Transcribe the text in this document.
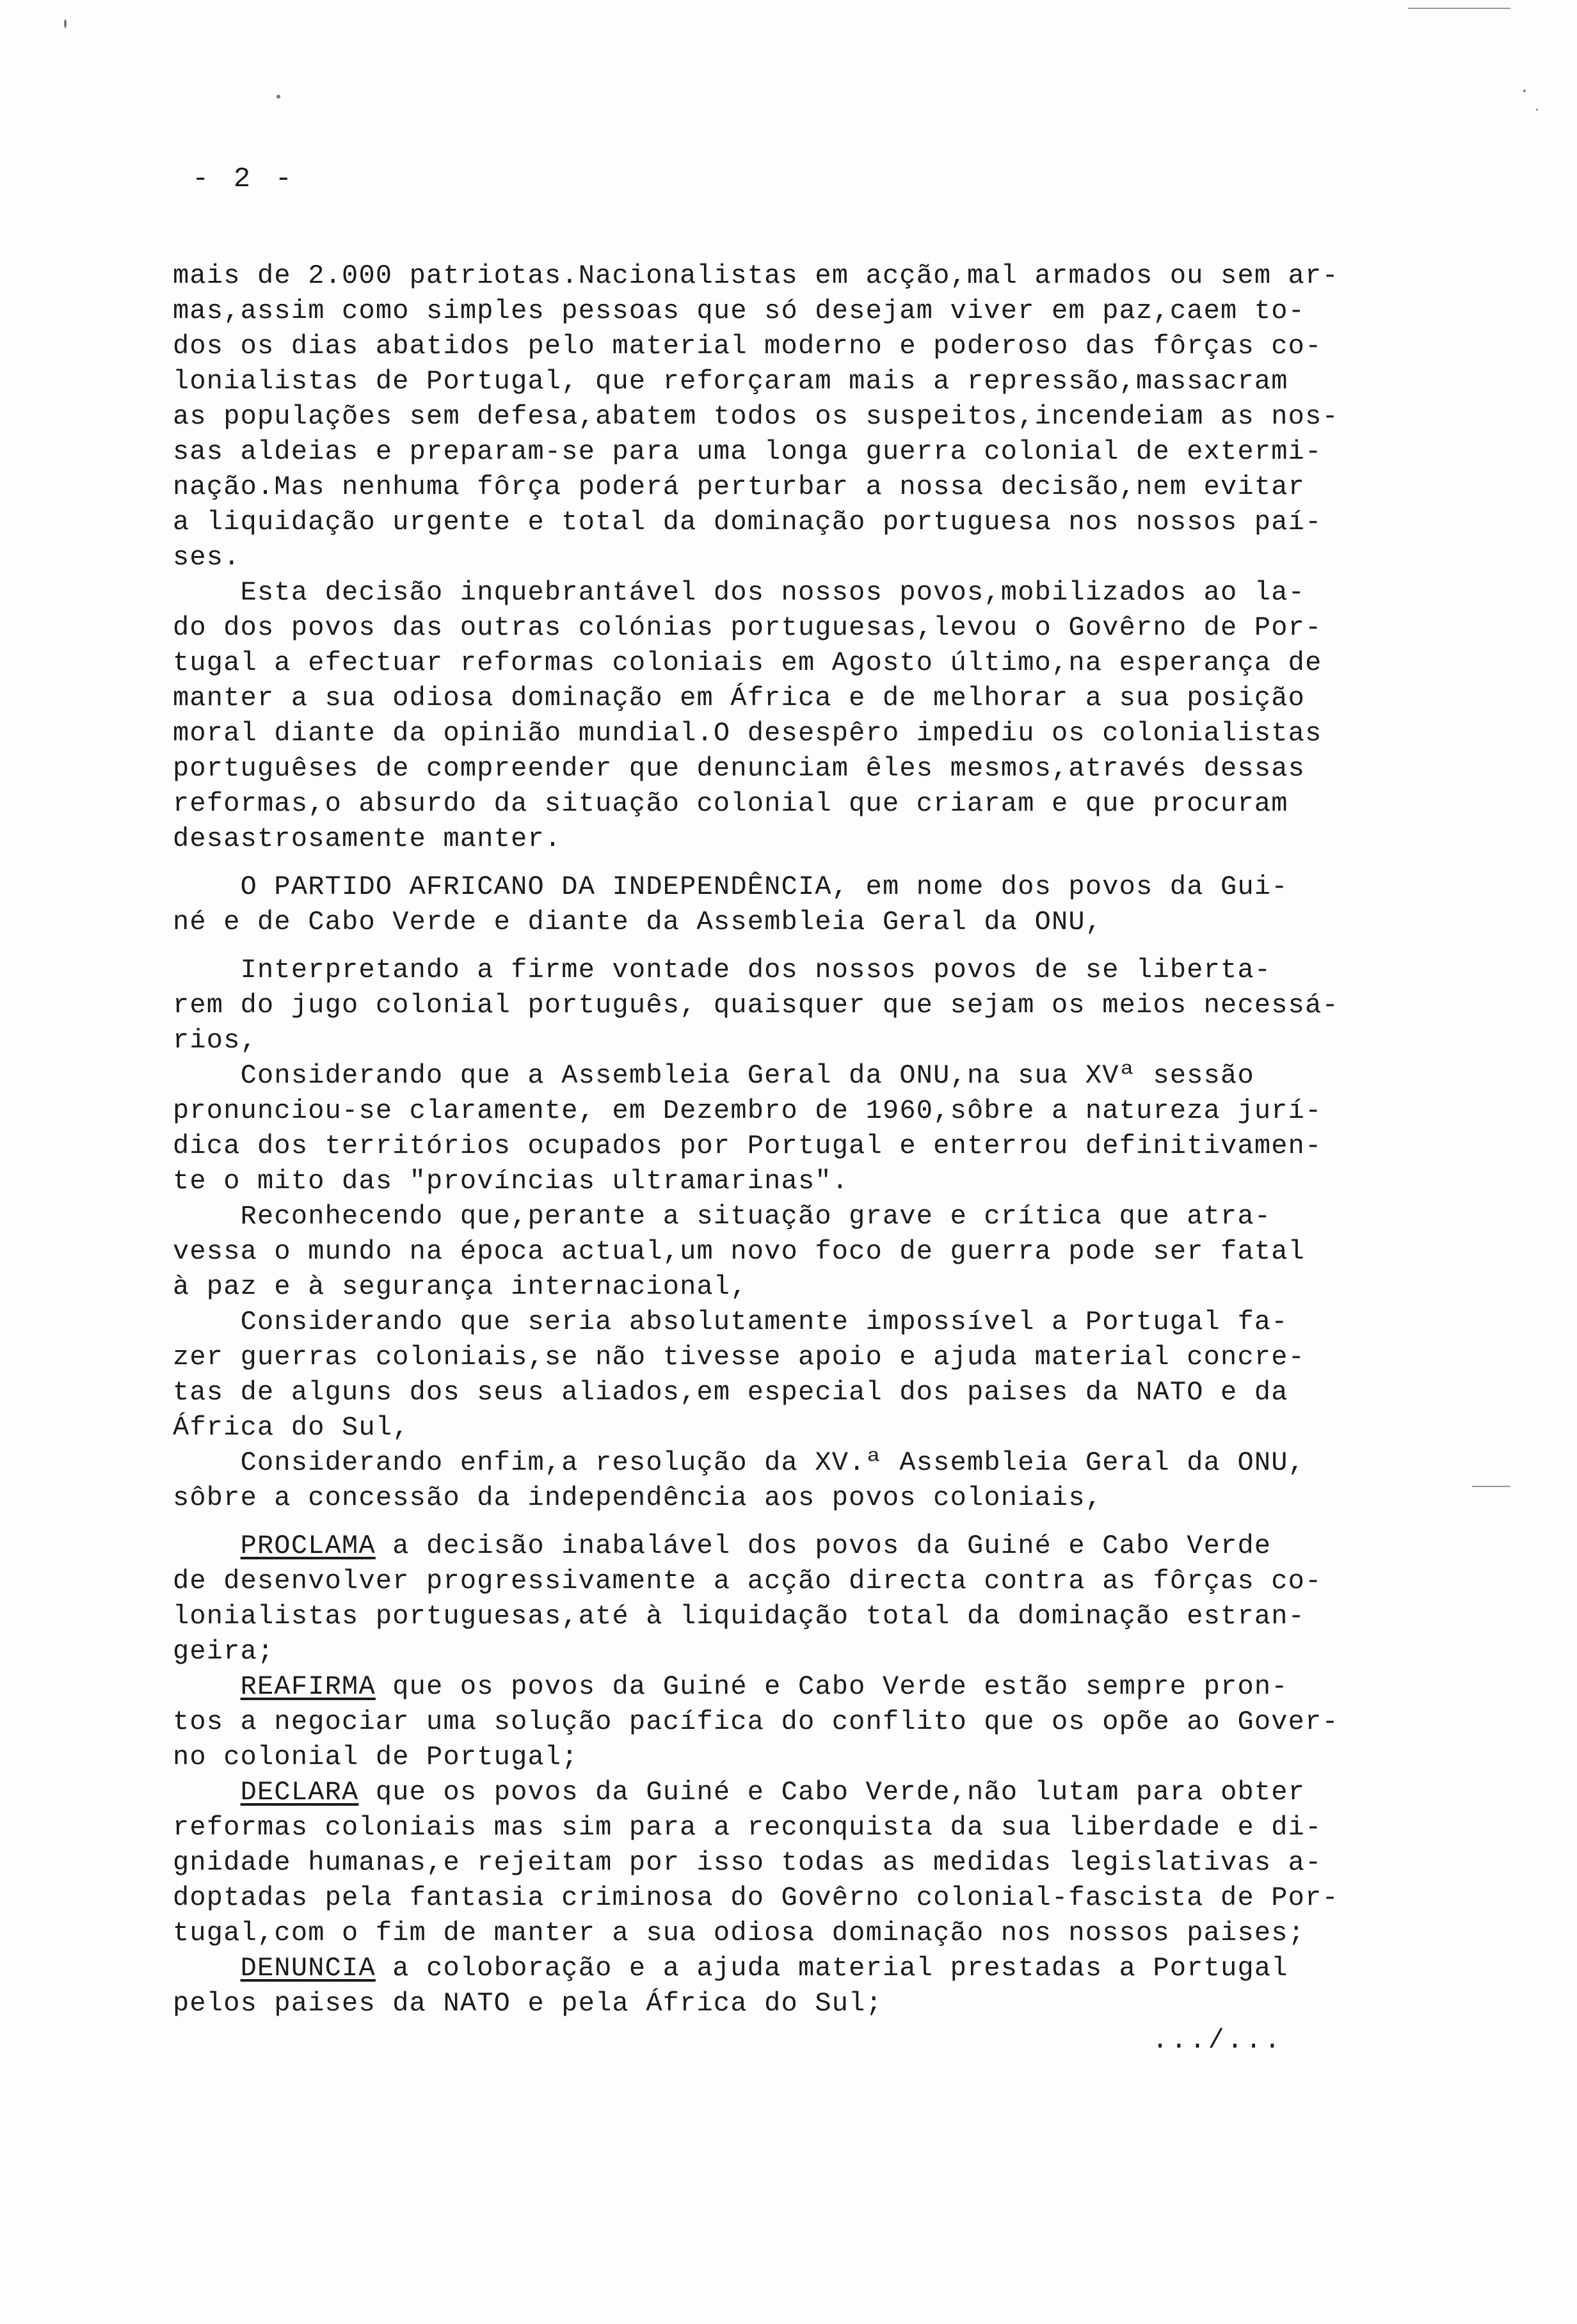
- 2 -
mais de 2.000 patriotas.Nacionalistas em acção,mal armados ou sem ar-
mas,assim como simples pessoas que só desejam viver em paz,caem to-
dos os dias abatidos pelo material moderno e poderoso das fôrças co-
lonialistas de Portugal, que reforçaram mais a repressão,massacram
as populações sem defesa,abatem todos os suspeitos,incendeiam as nos-
sas aldeias e preparam-se para uma longa guerra colonial de extermi-
nação.Mas nenhuma fôrça poderá perturbar a nossa decisão,nem evitar
a liquidação urgente e total da dominação portuguesa nos nossos paí-
ses.
Esta decisão inquebrantável dos nossos povos,mobilizados ao la-
do dos povos das outras colónias portuguesas,levou o Govêrno de Por-
tugal a efectuar reformas coloniais em Agosto último,na esperança de
manter a sua odiosa dominação em África e de melhorar a sua posição
moral diante da opinião mundial.O desespêro impediu os colonialistas
portuguêses de compreender que denunciam êles mesmos,através dessas
reformas,o absurdo da situação colonial que criaram e que procuram
desastrosamente manter.
O PARTIDO AFRICANO DA INDEPENDÊNCIA, em nome dos povos da Gui-
né e de Cabo Verde e diante da Assembleia Geral da ONU,
Interpretando a firme vontade dos nossos povos de se liberta-
rem do jugo colonial português, quaisquer que sejam os meios necessá-
rios,
Considerando que a Assembleia Geral da ONU,na sua XVª sessão
pronunciou-se claramente, em Dezembro de 1960,sôbre a natureza jurí-
dica dos territórios ocupados por Portugal e enterrou definitivamen-
te o mito das "províncias ultramarinas".
Reconhecendo que,perante a situação grave e crítica que atra-
vessa o mundo na época actual,um novo foco de guerra pode ser fatal
à paz e à segurança internacional,
Considerando que seria absolutamente impossível a Portugal fa-
zer guerras coloniais,se não tivesse apoio e ajuda material concre-
tas de alguns dos seus aliados,em especial dos paises da NATO e da
África do Sul,
Considerando enfim,a resolução da XV.ª Assembleia Geral da ONU,
sôbre a concessão da independência aos povos coloniais,
PROCLAMA a decisão inabalável dos povos da Guiné e Cabo Verde
de desenvolver progressivamente a acção directa contra as fôrças co-
lonialistas portuguesas,até à liquidação total da dominação estran-
geira;
REAFIRMA que os povos da Guiné e Cabo Verde estão sempre pron-
tos a negociar uma solução pacífica do conflito que os opõe ao Gover-
no colonial de Portugal;
DECLARA que os povos da Guiné e Cabo Verde,não lutam para obter
reformas coloniais mas sim para a reconquista da sua liberdade e di-
gnidade humanas,e rejeitam por isso todas as medidas legislativas a-
doptadas pela fantasia criminosa do Govêrno colonial-fascista de Por-
tugal,com o fim de manter a sua odiosa dominação nos nossos paises;
DENUNCIA a coloboração e a ajuda material prestadas a Portugal
pelos paises da NATO e pela África do Sul;
.../...
